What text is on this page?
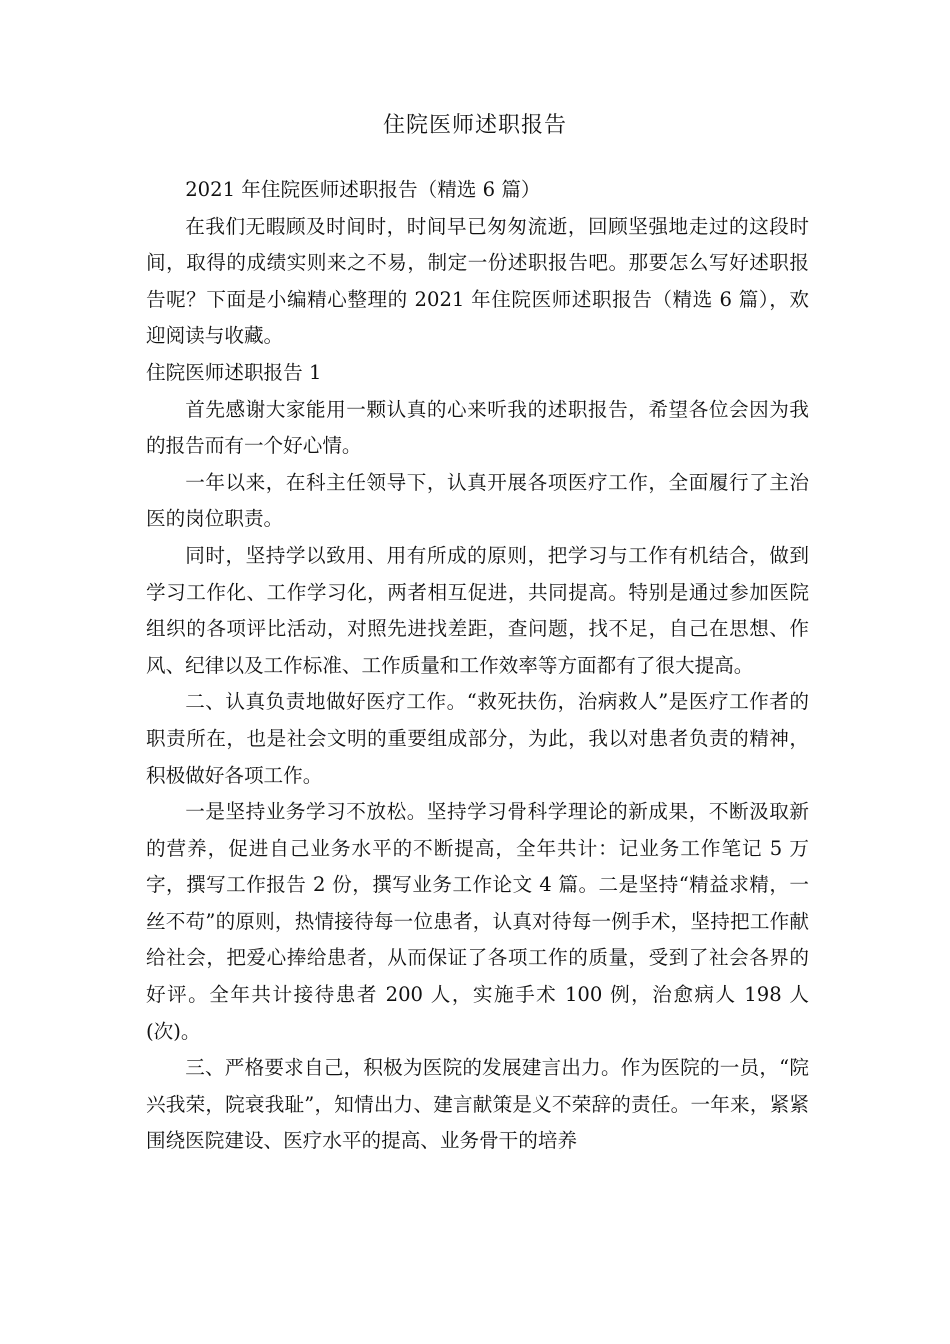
住院医师述职报告

2021 年住院医师述职报告（精选 6 篇）

在我们无暇顾及时间时，时间早已匆匆流逝，回顾坚强地走过的这段时间，取得的成绩实则来之不易，制定一份述职报告吧。那要怎么写好述职报告呢？下面是小编精心整理的 2021 年住院医师述职报告（精选 6 篇），欢迎阅读与收藏。

住院医师述职报告 1

首先感谢大家能用一颗认真的心来听我的述职报告，希望各位会因为我的报告而有一个好心情。

一年以来，在科主任领导下，认真开展各项医疗工作，全面履行了主治医的岗位职责。

同时，坚持学以致用、用有所成的原则，把学习与工作有机结合，做到学习工作化、工作学习化，两者相互促进，共同提高。特别是通过参加医院组织的各项评比活动，对照先进找差距，查问题，找不足，自己在思想、作风、纪律以及工作标准、工作质量和工作效率等方面都有了很大提高。

二、认真负责地做好医疗工作。“救死扶伤，治病救人”是医疗工作者的职责所在，也是社会文明的重要组成部分，为此，我以对患者负责的精神，积极做好各项工作。

一是坚持业务学习不放松。坚持学习骨科学理论的新成果，不断汲取新的营养，促进自己业务水平的不断提高，全年共计：记业务工作笔记 5 万字，撰写工作报告 2 份，撰写业务工作论文 4 篇。二是坚持“精益求精，一丝不苟”的原则，热情接待每一位患者，认真对待每一例手术，坚持把工作献给社会，把爱心捧给患者，从而保证了各项工作的质量，受到了社会各界的好评。全年共计接待患者 200 人，实施手术 100 例，治愈病人 198 人(次)。

三、严格要求自己，积极为医院的发展建言出力。作为医院的一员，“院兴我荣，院衰我耻”，知情出力、建言献策是义不荣辞的责任。一年来，紧紧围绕医院建设、医疗水平的提高、业务骨干的培养
